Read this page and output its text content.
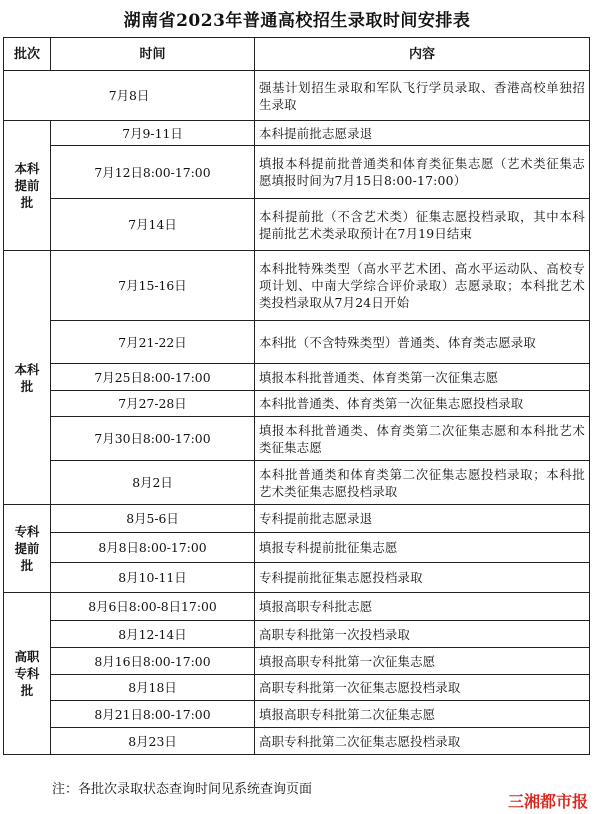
湖南省2023年普通高校招生录取时间安排表
批次	时间	内容
7月8日		强基计划招生录取和军队飞行学员录取、香港高校单独招生录取
本科
提前
批	7月9-11日	本科提前批志愿录退
	7月12日8:00-17:00	填报本科提前批普通类和体育类征集志愿（艺术类征集志愿填报时间为7月15日8:00-17:00）
	7月14日	本科提前批（不含艺术类）征集志愿投档录取，其中本科提前批艺术类录取预计在7月19日结束
本科
批	7月15-16日	本科批特殊类型（高水平艺术团、高水平运动队、高校专项计划、中南大学综合评价录取）志愿录取；本科批艺术类投档录取从7月24日开始
	7月21-22日	本科批（不含特殊类型）普通类、体育类志愿录取
	7月25日8:00-17:00	填报本科批普通类、体育类第一次征集志愿
	7月27-28日	本科批普通类、体育类第一次征集志愿投档录取
	7月30日8:00-17:00	填报本科批普通类、体育类第二次征集志愿和本科批艺术类征集志愿
	8月2日	本科批普通类和体育类第二次征集志愿投档录取；本科批艺术类征集志愿投档录取
专科
提前
批	8月5-6日	专科提前批志愿录退
	8月8日8:00-17:00	填报专科提前批征集志愿
	8月10-11日	专科提前批征集志愿投档录取
高职
专科
批	8月6日8:00-8日17:00	填报高职专科批志愿
	8月12-14日	高职专科批第一次投档录取
	8月16日8:00-17:00	填报高职专科批第一次征集志愿
	8月18日	高职专科批第一次征集志愿投档录取
	8月21日8:00-17:00	填报高职专科批第二次征集志愿
	8月23日	高职专科批第二次征集志愿投档录取
注：各批次录取状态查询时间见系统查询页面
三湘都市报
